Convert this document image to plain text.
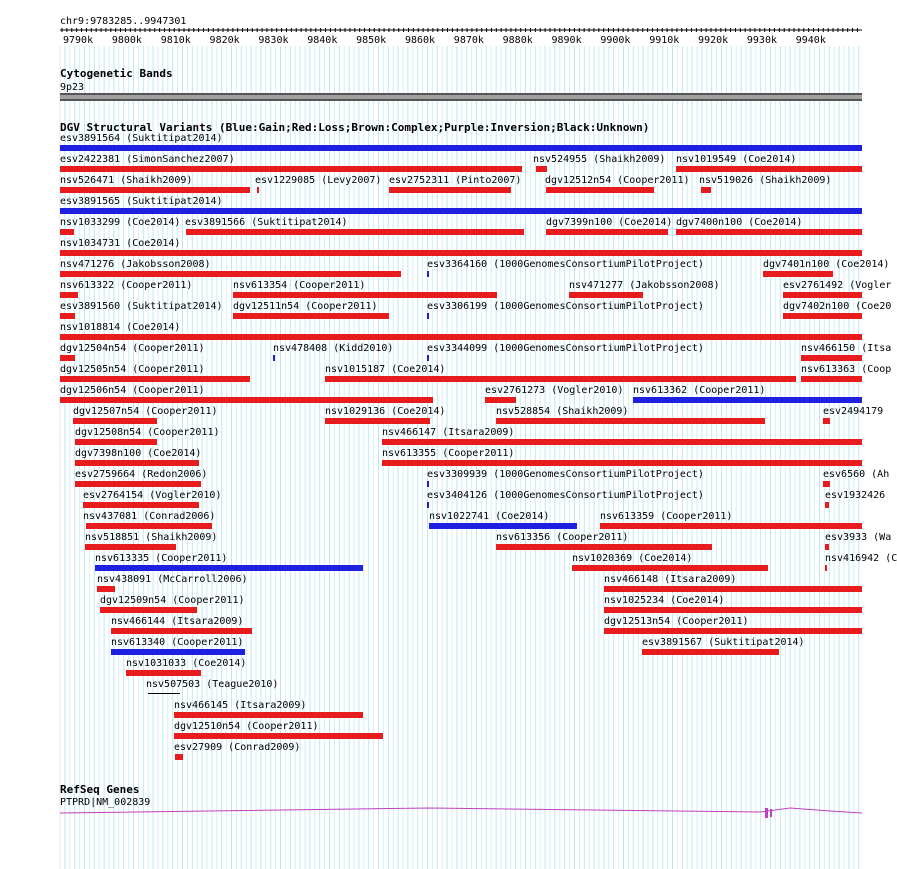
chr9:9783285..9947301
9790k 9800k 9810k 9820k 9830k 9840k 9850k 9860k 9870k 9880k 9890k 9900k 9910k 9920k 9930k 9940k
Cytogenetic Bands
9p23
DGV Structural Variants (Blue:Gain;Red:Loss;Brown:Complex;Purple:Inversion;Black:Unknown)
esv3891564 (Suktitipat2014)
esv2422381 (SimonSanchez2007)	nsv524955 (Shaikh2009) nsv1019549 (Coe2014)
nsv526471 (Shaikh2009)	esv1229085 (Levy2007) esv2752311 (Pinto2007) dgv12512n54 (Cooper2011) nsv519026 (Shaikh2009)
esv3891565 (Suktitipat2014)
nsv1033299 (Coe2014) esv3891566 (Suktitipat2014)	dgv7399n100 (Coe2014) dgv7400n100 (Coe2014)
nsv1034731 (Coe2014)
nsv471276 (Jakobsson2008)	esv3364160 (1000GenomesConsortiumPilotProject)	dgv7401n100 (Coe2014)
nsv613322 (Cooper2011)	nsv613354 (Cooper2011)	nsv471277 (Jakobsson2008)	esv2761492 (Vogler
esv3891560 (Suktitipat2014) dgv12511n54 (Cooper2011)	esv3306199 (1000GenomesConsortiumPilotProject)	dgv7402n100 (Coe20
nsv1018814 (Coe2014)
dgv12504n54 (Cooper2011)	nsv478408 (Kidd2010)	esv3344099 (1000GenomesConsortiumPilotProject)	nsv466150 (Itsa
dgv12505n54 (Cooper2011)	nsv1015187 (Coe2014)	nsv613363 (Coop
dgv12506n54 (Cooper2011)	esv2761273 (Vogler2010) nsv613362 (Cooper2011)
dgv12507n54 (Cooper2011)	nsv1029136 (Coe2014)	nsv528854 (Shaikh2009)	esv2494179
dgv12508n54 (Cooper2011)	nsv466147 (Itsara2009)
dgv7398n100 (Coe2014)	nsv613355 (Cooper2011)
esv2759664 (Redon2006)	esv3309939 (1000GenomesConsortiumPilotProject)	esv6560 (Ah
esv2764154 (Vogler2010)	esv3404126 (1000GenomesConsortiumPilotProject)	esv1932426
nsv437081 (Conrad2006)	nsv1022741 (Coe2014)	nsv613359 (Cooper2011)
nsv518851 (Shaikh2009)	nsv613356 (Cooper2011)	esv3933 (Wa
nsv613335 (Cooper2011)	nsv1020369 (Coe2014)	nsv416942 (C
nsv438091 (McCarroll2006)	nsv466148 (Itsara2009)
dgv12509n54 (Cooper2011)	nsv1025234 (Coe2014)
nsv466144 (Itsara2009)	dgv12513n54 (Cooper2011)
nsv613340 (Cooper2011)	esv3891567 (Suktitipat2014)
nsv1031033 (Coe2014)
nsv507503 (Teague2010)
nsv466145 (Itsara2009)
dgv12510n54 (Cooper2011)
esv27909 (Conrad2009)
RefSeq Genes
PTPRD|NM_002839
